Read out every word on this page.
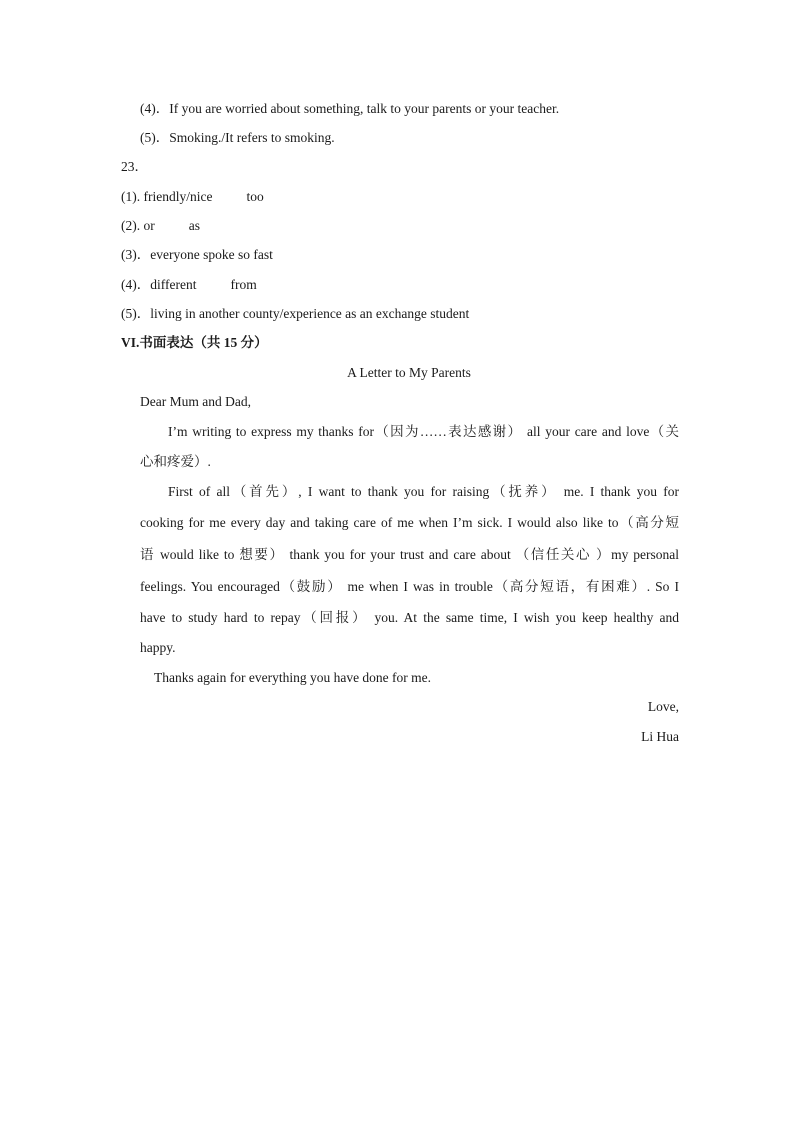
(4)．If you are worried about something, talk to your parents or your teacher.
(5)．Smoking./It refers to smoking.
23．
(1). friendly/nice	too
(2). or	as
(3)．everyone spoke so fast
(4)．different	from
(5)．living in another county/experience as an exchange student
VI.书面表达（共 15 分）
A Letter to My Parents
Dear Mum and Dad,
I’m writing to express my thanks for（因为……表达感谢） all your care and love（关
心和疼爱）.
First of all（首先）, I want to thank you for raising（抚养） me. I thank you for
cooking for me every day and taking care of me when I’m sick. I would also like to（高分短
语 would like to 想要） thank you for your trust and care about （信任关心 ）my personal
feelings. You encouraged（鼓励） me when I was in trouble（高分短语，有困难）. So I
have to study hard to repay（回报） you. At the same time, I wish you keep healthy and
happy.
Thanks again for everything you have done for me.
Love,
Li Hua
